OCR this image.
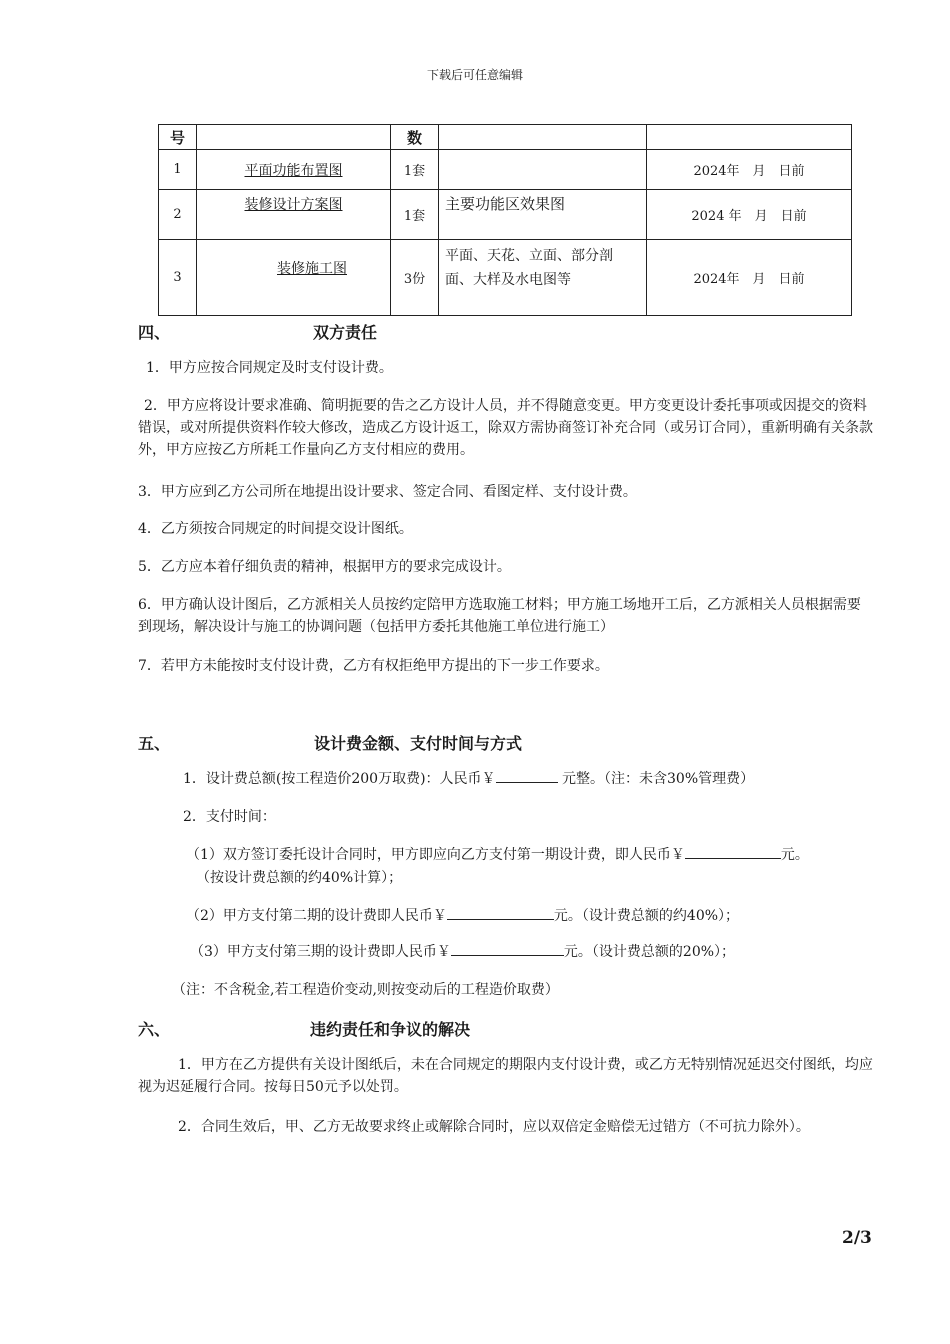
下载后可任意编辑
号		数		
1	平面功能布置图	1套		2024年　月　日前
2	装修设计方案图	1套	主要功能区效果图	2024 年　月　日前
3	装修施工图	3份	平面、天花、立面、部分剖面、大样及水电图等	2024年　月　日前
四、	双方责任
1．甲方应按合同规定及时支付设计费。
2．甲方应将设计要求准确、简明扼要的告之乙方设计人员，并不得随意变更。甲方变更设计委托事项或因提交的资料错误，或对所提供资料作较大修改，造成乙方设计返工，除双方需协商签订补充合同（或另订合同），重新明确有关条款外，甲方应按乙方所耗工作量向乙方支付相应的费用。
3．甲方应到乙方公司所在地提出设计要求、签定合同、看图定样、支付设计费。
4．乙方须按合同规定的时间提交设计图纸。
5．乙方应本着仔细负责的精神，根据甲方的要求完成设计。
6．甲方确认设计图后，乙方派相关人员按约定陪甲方选取施工材料；甲方施工场地开工后，乙方派相关人员根据需要到现场，解决设计与施工的协调问题（包括甲方委托其他施工单位进行施工）
7．若甲方未能按时支付设计费，乙方有权拒绝甲方提出的下一步工作要求。
五、	设计费金额、支付时间与方式
1．设计费总额(按工程造价200万取费)：人民币￥	元整。（注：未含30%管理费）
2．支付时间：
（1）双方签订委托设计合同时，甲方即应向乙方支付第一期设计费，即人民币￥	元。
（按设计费总额的约40%计算）；
（2）甲方支付第二期的设计费即人民币￥	元。（设计费总额的约40%）；
（3）甲方支付第三期的设计费即人民币￥	元。（设计费总额的20%）；
（注：不含税金,若工程造价变动,则按变动后的工程造价取费）
六、	违约责任和争议的解决
1．甲方在乙方提供有关设计图纸后，未在合同规定的期限内支付设计费，或乙方无特别情况延迟交付图纸，均应视为迟延履行合同。按每日50元予以处罚。
2．合同生效后，甲、乙方无故要求终止或解除合同时，应以双倍定金赔偿无过错方（不可抗力除外）。
2/3
